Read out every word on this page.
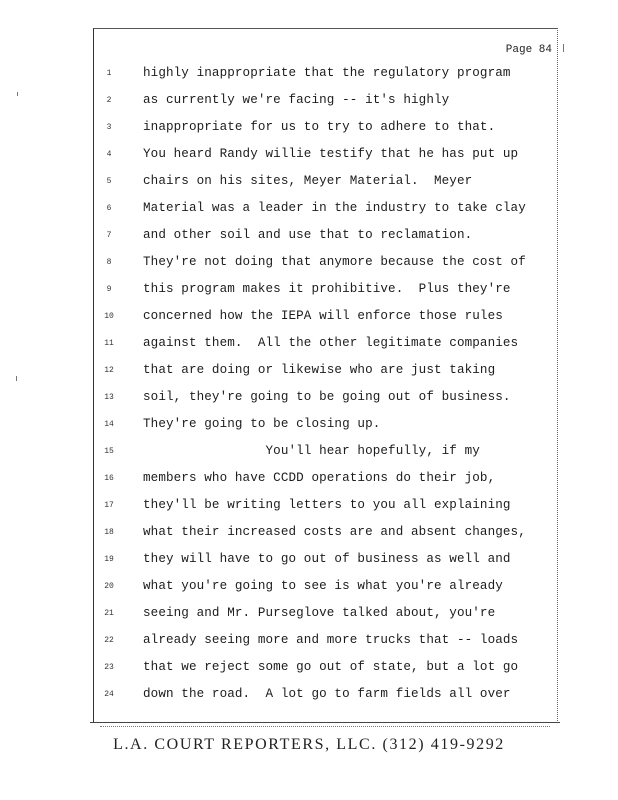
Page 84
1	highly inappropriate that the regulatory program
2	as currently we're facing -- it's highly
3	inappropriate for us to try to adhere to that.
4	You heard Randy willie testify that he has put up
5	chairs on his sites, Meyer Material.  Meyer
6	Material was a leader in the industry to take clay
7	and other soil and use that to reclamation.
8	They're not doing that anymore because the cost of
9	this program makes it prohibitive.  Plus they're
10	concerned how the IEPA will enforce those rules
11	against them.  All the other legitimate companies
12	that are doing or likewise who are just taking
13	soil, they're going to be going out of business.
14	They're going to be closing up.
15	You'll hear hopefully, if my
16	members who have CCDD operations do their job,
17	they'll be writing letters to you all explaining
18	what their increased costs are and absent changes,
19	they will have to go out of business as well and
20	what you're going to see is what you're already
21	seeing and Mr. Purseglove talked about, you're
22	already seeing more and more trucks that -- loads
23	that we reject some go out of state, but a lot go
24	down the road.  A lot go to farm fields all over
L.A. COURT REPORTERS, LLC. (312) 419-9292
